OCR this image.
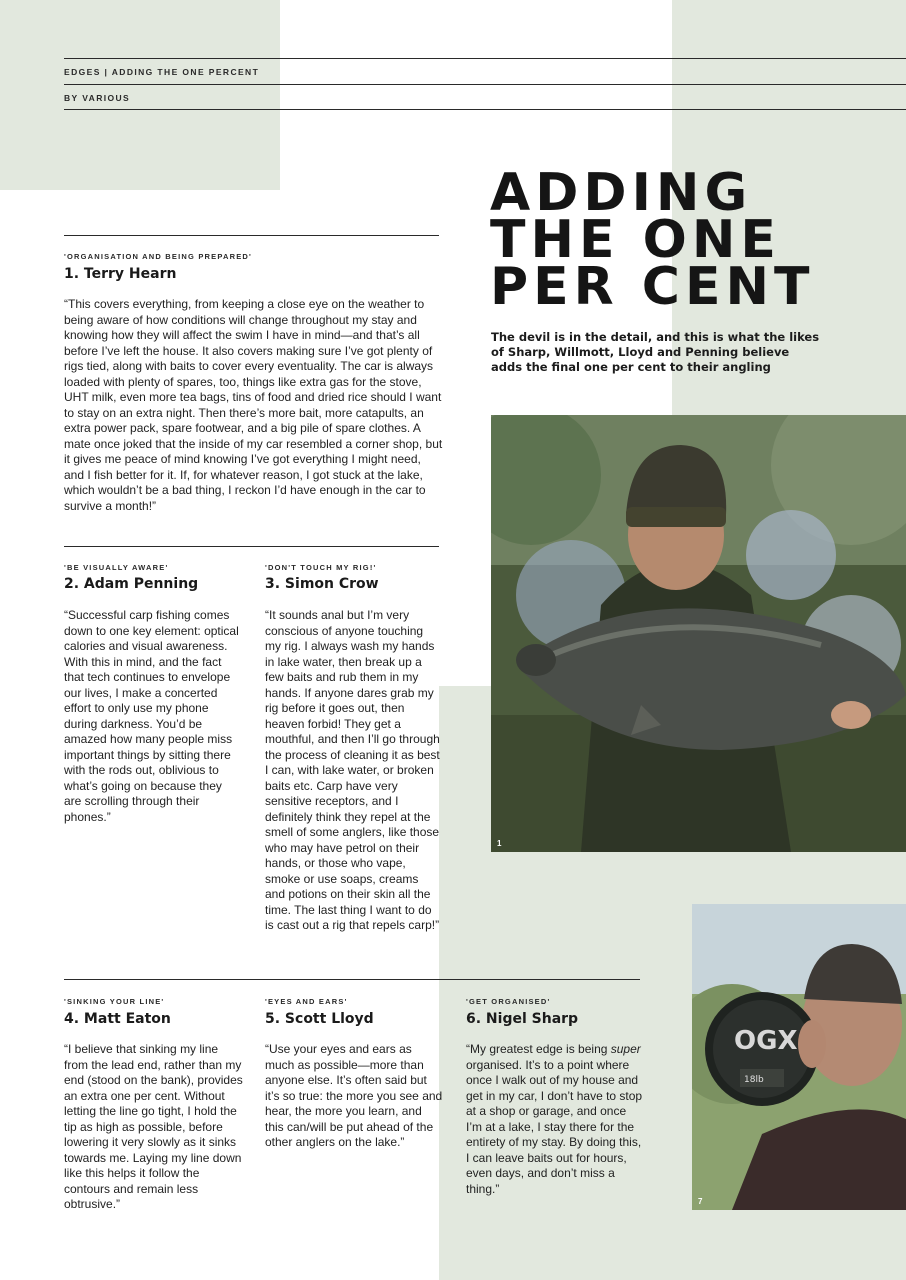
EDGES | ADDING THE ONE PERCENT
BY VARIOUS
ADDING
THE ONE
PER CENT

The devil is in the detail, and this is what the likes of Sharp, Willmott, Lloyd and Penning believe adds the final one per cent to their angling

'ORGANISATION AND BEING PREPARED'
1. Terry Hearn

“This covers everything, from keeping a close eye on the weather to being aware of how conditions will change throughout my stay and knowing how they will affect the swim I have in mind—and that’s all before I’ve left the house. It also covers making sure I’ve got plenty of rigs tied, along with baits to cover every eventuality. The car is always loaded with plenty of spares, too, things like extra gas for the stove, UHT milk, even more tea bags, tins of food and dried rice should I want to stay on an extra night. Then there’s more bait, more catapults, an extra power pack, spare footwear, and a big pile of spare clothes. A mate once joked that the inside of my car resembled a corner shop, but it gives me peace of mind knowing I’ve got everything I might need, and I fish better for it. If, for whatever reason, I got stuck at the lake, which wouldn’t be a bad thing, I reckon I’d have enough in the car to survive a month!”

'BE VISUALLY AWARE'
2. Adam Penning

“Successful carp fishing comes down to one key element: optical calories and visual awareness. With this in mind, and the fact that tech continues to envelope our lives, I make a concerted effort to only use my phone during darkness. You’d be amazed how many people miss important things by sitting there with the rods out, oblivious to what’s going on because they are scrolling through their phones.”

'DON'T TOUCH MY RIG!'
3. Simon Crow

“It sounds anal but I’m very conscious of anyone touching my rig. I always wash my hands in lake water, then break up a few baits and rub them in my hands. If anyone dares grab my rig before it goes out, then heaven forbid! They get a mouthful, and then I’ll go through the process of cleaning it as best I can, with lake water, or broken baits etc. Carp have very sensitive receptors, and I definitely think they repel at the smell of some anglers, like those who may have petrol on their hands, or those who vape, smoke or use soaps, creams and potions on their skin all the time. The last thing I want to do is cast out a rig that repels carp!”

'SINKING YOUR LINE'
4. Matt Eaton

“I believe that sinking my line from the lead end, rather than my end (stood on the bank), provides an extra one per cent. Without letting the line go tight, I hold the tip as high as possible, before lowering it very slowly as it sinks towards me. Laying my line down like this helps it follow the contours and remain less obtrusive.”

'EYES AND EARS'
5. Scott Lloyd

“Use your eyes and ears as much as possible—more than anyone else. It’s often said but it’s so true: the more you see and hear, the more you learn, and this can/will be put ahead of the other anglers on the lake.”

'GET ORGANISED'
6. Nigel Sharp

“My greatest edge is being super organised. It’s to a point where once I walk out of my house and get in my car, I don’t have to stop at a shop or garage, and once I’m at a lake, I stay there for the entirety of my stay. By doing this, I can leave baits out for hours, even days, and don’t miss a thing.”

1
OGX
18lb
7
